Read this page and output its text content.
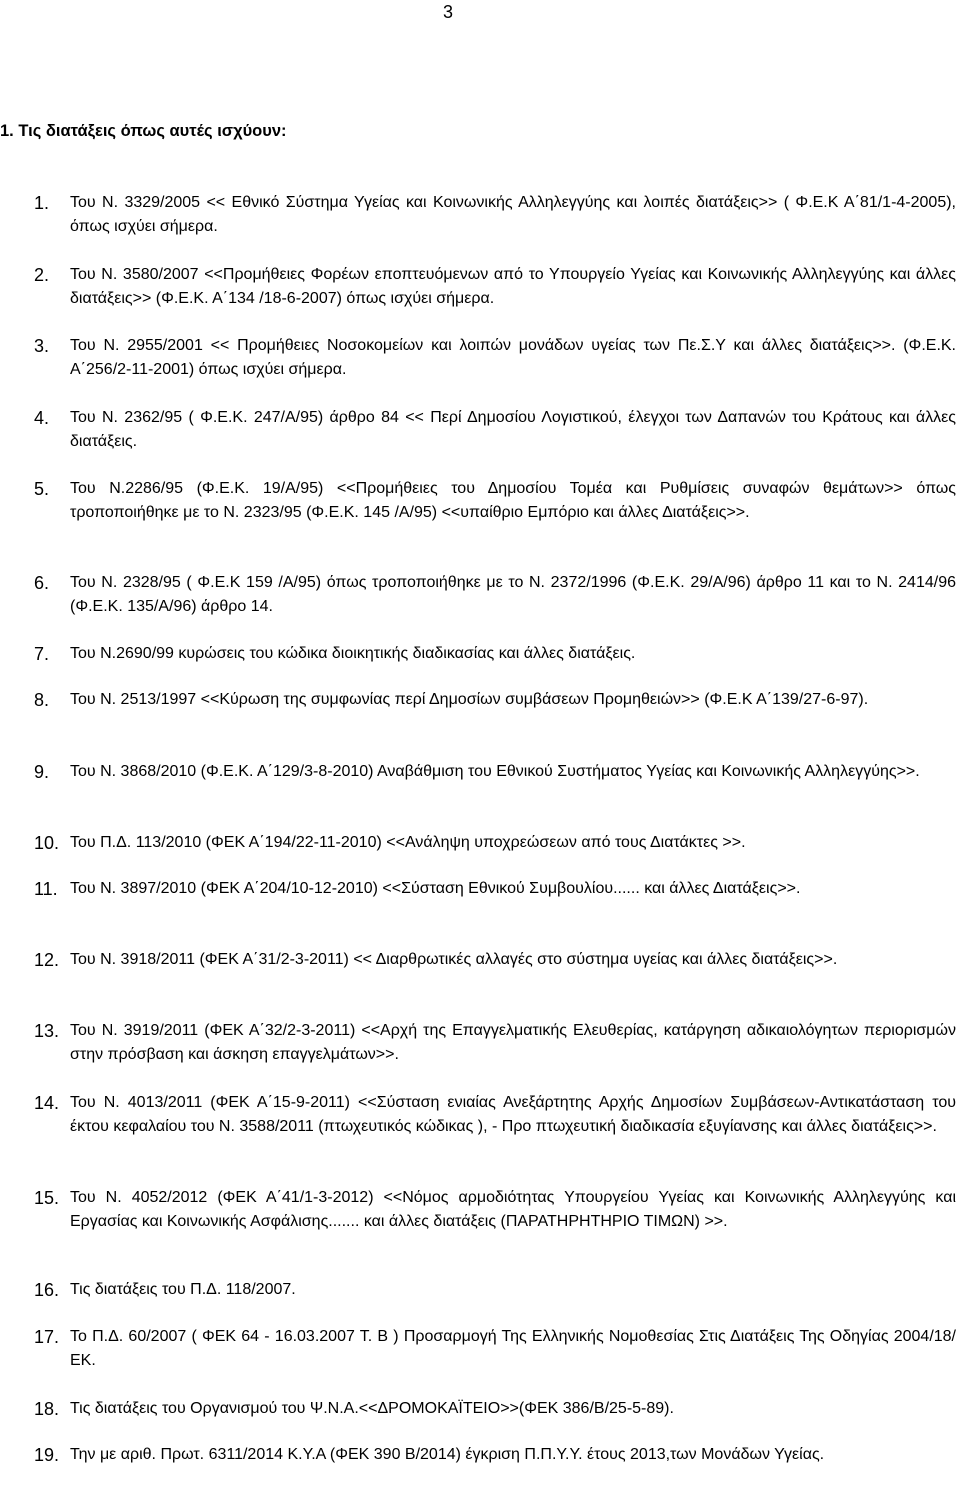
3
1. Τις διατάξεις όπως αυτές ισχύουν:
1. Του Ν. 3329/2005 << Εθνικό Σύστημα Υγείας και Κοινωνικής Αλληλεγγύης και λοιπές διατάξεις>> ( Φ.Ε.Κ Α΄81/1-4-2005), όπως ισχύει σήμερα.
2. Του Ν. 3580/2007 <<Προμήθειες Φορέων εποπτευόμενων από το Υπουργείο Υγείας και Κοινωνικής Αλληλεγγύης και άλλες διατάξεις>> (Φ.Ε.Κ. Α΄134 /18-6-2007) όπως ισχύει σήμερα.
3. Του Ν. 2955/2001 << Προμήθειες Νοσοκομείων και λοιπών μονάδων υγείας των Πε.Σ.Υ και άλλες διατάξεις>>. (Φ.Ε.Κ. Α΄256/2-11-2001) όπως ισχύει σήμερα.
4. Του Ν. 2362/95 ( Φ.Ε.Κ. 247/Α/95) άρθρο 84 << Περί Δημοσίου Λογιστικού, έλεγχοι των Δαπανών του Κράτους και άλλες διατάξεις.
5. Του Ν.2286/95 (Φ.Ε.Κ. 19/Α/95) <<Προμήθειες του Δημοσίου Τομέα και Ρυθμίσεις συναφών θεμάτων>> όπως τροποποιήθηκε με το Ν. 2323/95 (Φ.Ε.Κ. 145 /Α/95) <<υπαίθριο Εμπόριο και άλλες Διατάξεις>>.
6. Του Ν. 2328/95 ( Φ.Ε.Κ 159 /Α/95) όπως τροποποιήθηκε με το Ν. 2372/1996 (Φ.Ε.Κ. 29/Α/96) άρθρο 11 και το Ν. 2414/96 (Φ.Ε.Κ. 135/Α/96) άρθρο 14.
7. Του Ν.2690/99 κυρώσεις του κώδικα διοικητικής διαδικασίας και άλλες διατάξεις.
8. Του Ν. 2513/1997 <<Κύρωση της συμφωνίας περί Δημοσίων συμβάσεων Προμηθειών>> (Φ.Ε.Κ Α΄139/27-6-97).
9. Του Ν. 3868/2010 (Φ.Ε.Κ. Α΄129/3-8-2010) Αναβάθμιση του Εθνικού Συστήματος Υγείας και Κοινωνικής Αλληλεγγύης>>.
10. Του Π.Δ. 113/2010 (ΦΕΚ Α΄194/22-11-2010) <<Ανάληψη υποχρεώσεων από τους Διατάκτες >>.
11. Του Ν. 3897/2010 (ΦΕΚ Α΄204/10-12-2010) <<Σύσταση Εθνικού Συμβουλίου...... και άλλες Διατάξεις>>.
12. Του Ν. 3918/2011 (ΦΕΚ Α΄31/2-3-2011) << Διαρθρωτικές αλλαγές στο σύστημα υγείας και άλλες διατάξεις>>.
13. Του Ν. 3919/2011 (ΦΕΚ Α΄32/2-3-2011) <<Αρχή της Επαγγελματικής Ελευθερίας, κατάργηση αδικαιολόγητων περιορισμών στην πρόσβαση και άσκηση επαγγελμάτων>>.
14. Του Ν. 4013/2011 (ΦΕΚ Α΄15-9-2011) <<Σύσταση ενιαίας Ανεξάρτητης Αρχής Δημοσίων Συμβάσεων-Αντικατάσταση του έκτου κεφαλαίου του Ν. 3588/2011 (πτωχευτικός κώδικας ), - Προ πτωχευτική διαδικασία εξυγίανσης και άλλες διατάξεις>>.
15. Του Ν. 4052/2012 (ΦΕΚ Α΄41/1-3-2012) <<Νόμος αρμοδιότητας Υπουργείου Υγείας και Κοινωνικής Αλληλεγγύης και Εργασίας και Κοινωνικής Ασφάλισης....... και άλλες διατάξεις (ΠΑΡΑΤΗΡΗΤΗΡΙΟ ΤΙΜΩΝ) >>.
16. Τις διατάξεις του Π.Δ. 118/2007.
17. Το Π.Δ. 60/2007 ( ΦΕΚ 64 - 16.03.2007 Τ. Β ) Προσαρμογή Της Ελληνικής Νομοθεσίας Στις Διατάξεις Της Οδηγίας 2004/18/ΕΚ.
18. Τις διατάξεις του Οργανισμού του Ψ.Ν.Α.<<ΔΡΟΜΟΚΑΪΤΕΙΟ>>(ΦΕΚ 386/Β/25-5-89).
19. Την με αριθ. Πρωτ. 6311/2014 Κ.Υ.Α (ΦΕΚ 390 Β/2014) έγκριση Π.Π.Υ.Υ. έτους 2013,των Μονάδων Υγείας.
